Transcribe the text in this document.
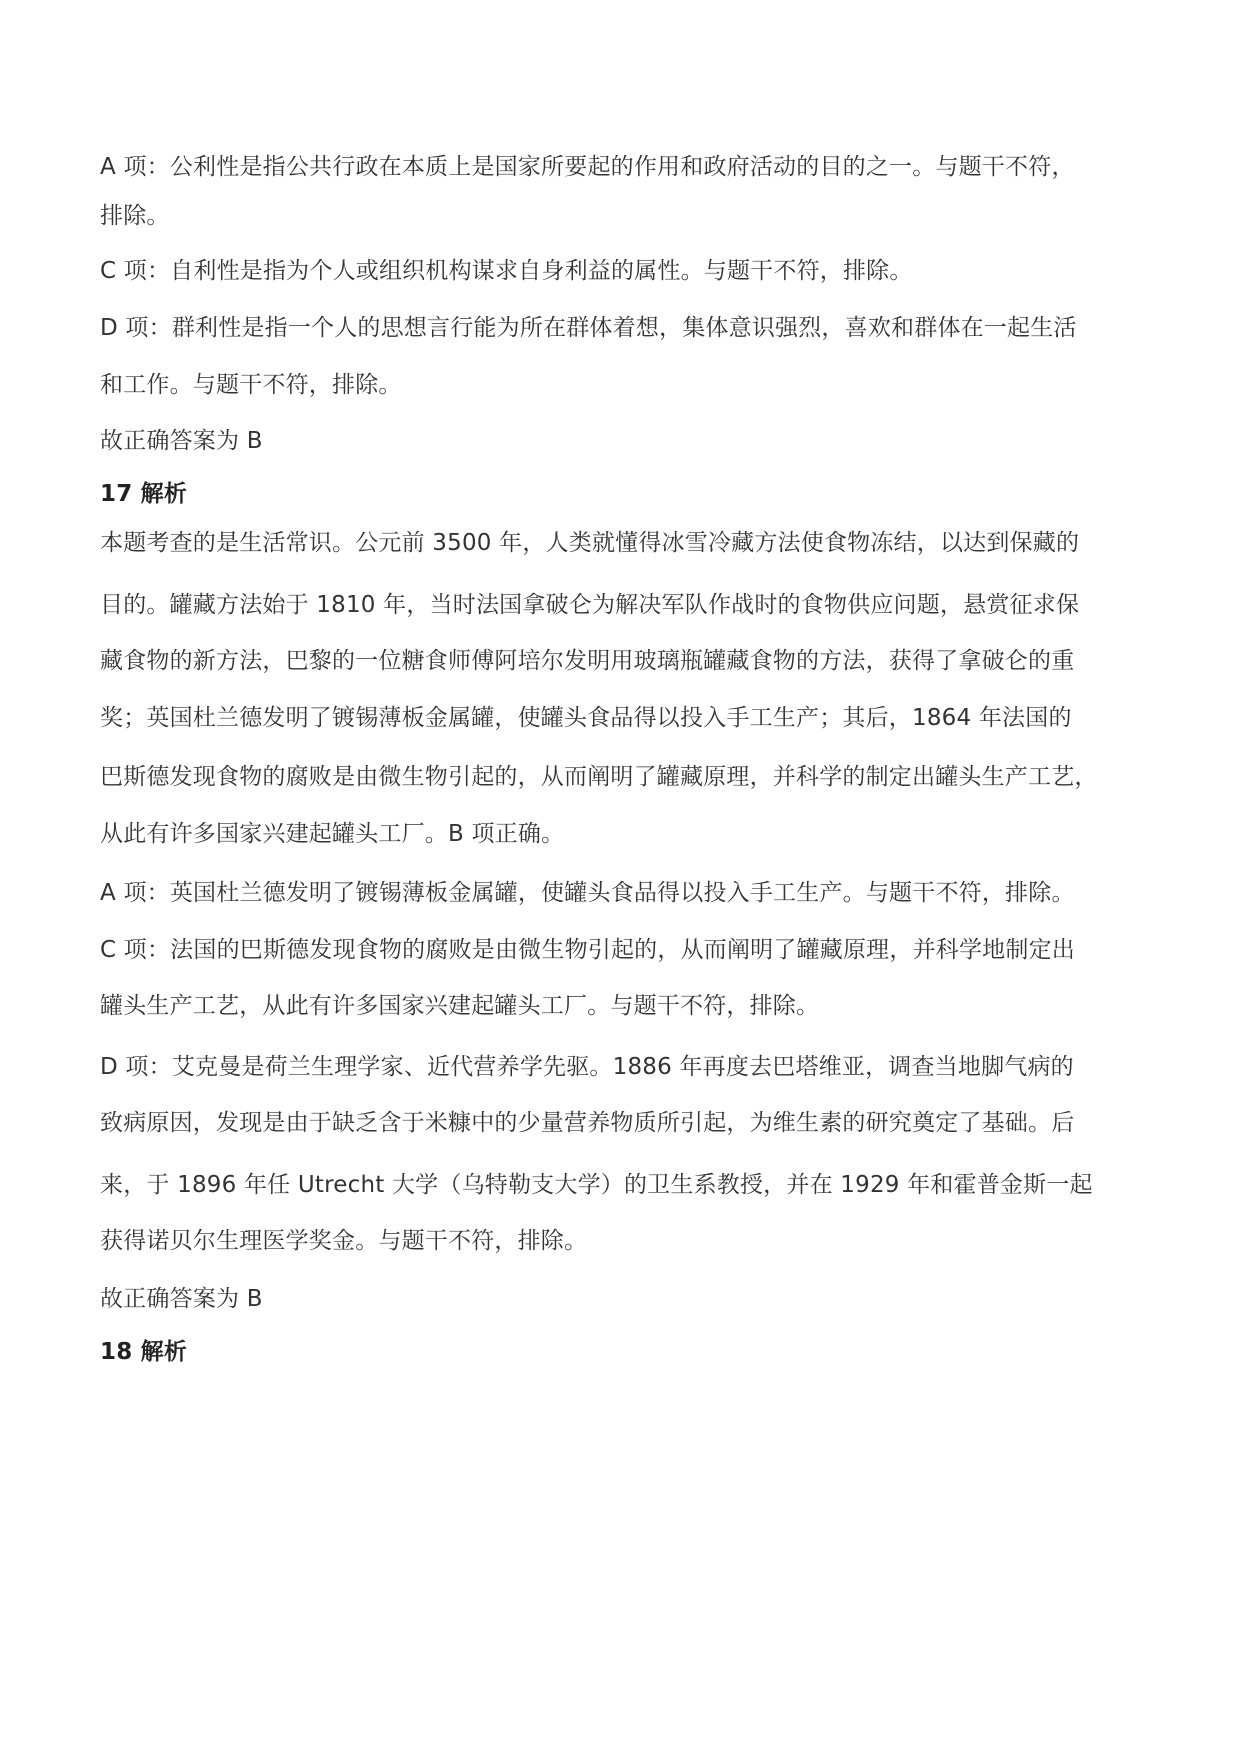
A 项：公利性是指公共行政在本质上是国家所要起的作用和政府活动的目的之一。与题干不符，
排除。
C 项：自利性是指为个人或组织机构谋求自身利益的属性。与题干不符，排除。
D 项：群利性是指一个人的思想言行能为所在群体着想，集体意识强烈，喜欢和群体在一起生活
和工作。与题干不符，排除。
故正确答案为 B
17 解析
本题考查的是生活常识。公元前 3500 年，人类就懂得冰雪冷藏方法使食物冻结，以达到保藏的
目的。罐藏方法始于 1810 年，当时法国拿破仑为解决军队作战时的食物供应问题，悬赏征求保
藏食物的新方法，巴黎的一位糖食师傅阿培尔发明用玻璃瓶罐藏食物的方法，获得了拿破仑的重
奖；英国杜兰德发明了镀锡薄板金属罐，使罐头食品得以投入手工生产；其后，1864 年法国的
巴斯德发现食物的腐败是由微生物引起的，从而阐明了罐藏原理，并科学的制定出罐头生产工艺，
从此有许多国家兴建起罐头工厂。B 项正确。
A 项：英国杜兰德发明了镀锡薄板金属罐，使罐头食品得以投入手工生产。与题干不符，排除。
C 项：法国的巴斯德发现食物的腐败是由微生物引起的，从而阐明了罐藏原理，并科学地制定出
罐头生产工艺，从此有许多国家兴建起罐头工厂。与题干不符，排除。
D 项：艾克曼是荷兰生理学家、近代营养学先驱。1886 年再度去巴塔维亚，调查当地脚气病的
致病原因，发现是由于缺乏含于米糠中的少量营养物质所引起，为维生素的研究奠定了基础。后
来，于 1896 年任 Utrecht 大学（乌特勒支大学）的卫生系教授，并在 1929 年和霍普金斯一起
获得诺贝尔生理医学奖金。与题干不符，排除。
故正确答案为 B
18 解析
